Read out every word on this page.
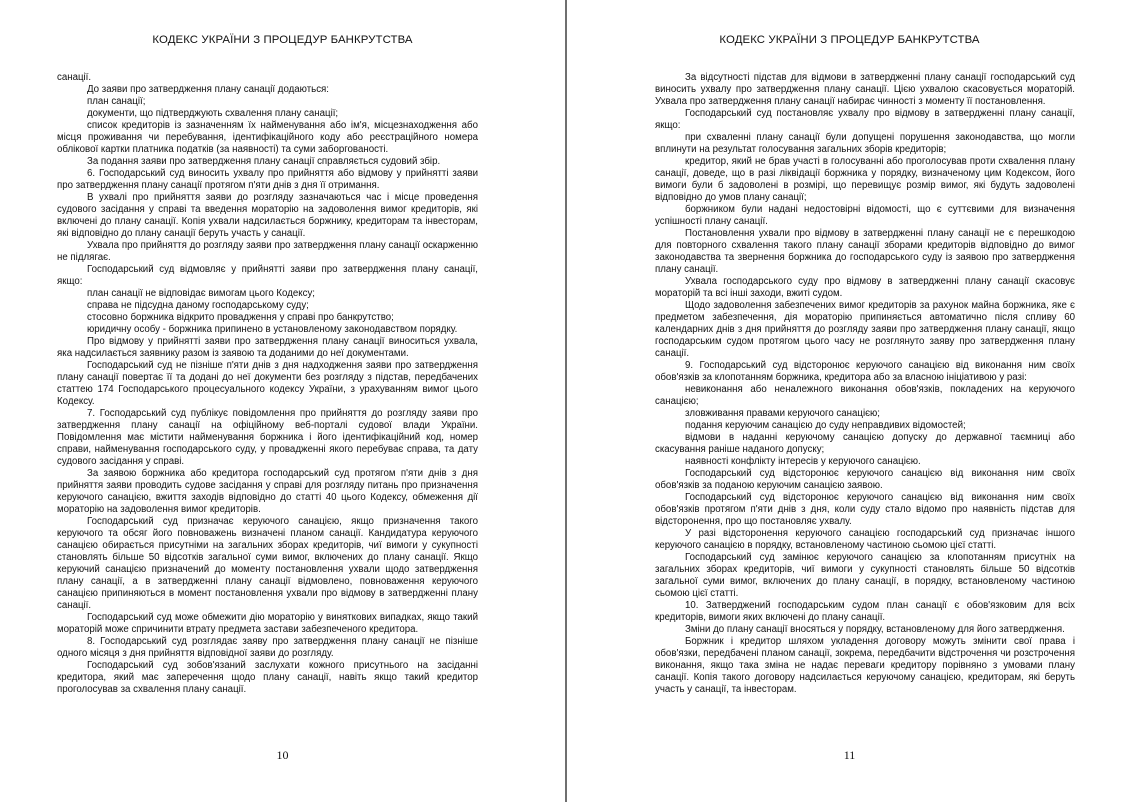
КОДЕКС УКРАЇНИ З ПРОЦЕДУР БАНКРУТСТВА

санації.

До заяви про затвердження плану санації додаються:

план санації;

документи, що підтверджують схвалення плану санації;

список кредиторів із зазначенням їх найменування або ім'я, місцезнаходження або місця проживання чи перебування, ідентифікаційного коду або реєстраційного номера облікової картки платника податків (за наявності) та суми заборгованості.

За подання заяви про затвердження плану санації справляється судовий збір.

6. Господарський суд виносить ухвалу про прийняття або відмову у прийнятті заяви про затвердження плану санації протягом п'яти днів з дня її отримання.

В ухвалі про прийняття заяви до розгляду зазначаються час і місце проведення судового засідання у справі та введення мораторію на задоволення вимог кредиторів, які включені до плану санації. Копія ухвали надсилається боржнику, кредиторам та інвесторам, які відповідно до плану санації беруть участь у санації.

Ухвала про прийняття до розгляду заяви про затвердження плану санації оскарженню не підлягає.

Господарський суд відмовляє у прийнятті заяви про затвердження плану санації, якщо:

план санації не відповідає вимогам цього Кодексу;

справа не підсудна даному господарському суду;

стосовно боржника відкрито провадження у справі про банкрутство;

юридичну особу - боржника припинено в установленому законодавством порядку.

Про відмову у прийнятті заяви про затвердження плану санації виноситься ухвала, яка надсилається заявнику разом із заявою та доданими до неї документами.

Господарський суд не пізніше п'яти днів з дня надходження заяви про затвердження плану санації повертає її та додані до неї документи без розгляду з підстав, передбачених статтею 174 Господарського процесуального кодексу України, з урахуванням вимог цього Кодексу.

7. Господарський суд публікує повідомлення про прийняття до розгляду заяви про затвердження плану санації на офіційному веб-порталі судової влади України. Повідомлення має містити найменування боржника і його ідентифікаційний код, номер справи, найменування господарського суду, у провадженні якого перебуває справа, та дату судового засідання у справі.

За заявою боржника або кредитора господарський суд протягом п'яти днів з дня прийняття заяви проводить судове засідання у справі для розгляду питань про призначення керуючого санацією, вжиття заходів відповідно до статті 40 цього Кодексу, обмеження дії мораторію на задоволення вимог кредиторів.

Господарський суд призначає керуючого санацією, якщо призначення такого керуючого та обсяг його повноважень визначені планом санації. Кандидатура керуючого санацією обирається присутніми на загальних зборах кредиторів, чиї вимоги у сукупності становлять більше 50 відсотків загальної суми вимог, включених до плану санації. Якщо керуючий санацією призначений до моменту постановлення ухвали щодо затвердження плану санації, а в затвердженні плану санації відмовлено, повноваження керуючого санацією припиняються в момент постановлення ухвали про відмову в затвердженні плану санації.

Господарський суд може обмежити дію мораторію у виняткових випадках, якщо такий мораторій може спричинити втрату предмета застави забезпеченого кредитора.

8. Господарський суд розглядає заяву про затвердження плану санації не пізніше одного місяця з дня прийняття відповідної заяви до розгляду.

Господарський суд зобов'язаний заслухати кожного присутнього на засіданні кредитора, який має заперечення щодо плану санації, навіть якщо такий кредитор проголосував за схвалення плану санації.

10
КОДЕКС УКРАЇНИ З ПРОЦЕДУР БАНКРУТСТВА

За відсутності підстав для відмови в затвердженні плану санації господарський суд виносить ухвалу про затвердження плану санації. Цією ухвалою скасовується мораторій. Ухвала про затвердження плану санації набирає чинності з моменту її постановлення.

Господарський суд постановляє ухвалу про відмову в затвердженні плану санації, якщо:

при схваленні плану санації були допущені порушення законодавства, що могли вплинути на результат голосування загальних зборів кредиторів;

кредитор, який не брав участі в голосуванні або проголосував проти схвалення плану санації, доведе, що в разі ліквідації боржника у порядку, визначеному цим Кодексом, його вимоги були б задоволені в розмірі, що перевищує розмір вимог, які будуть задоволені відповідно до умов плану санації;

боржником були надані недостовірні відомості, що є суттєвими для визначення успішності плану санації.

Постановлення ухвали про відмову в затвердженні плану санації не є перешкодою для повторного схвалення такого плану санації зборами кредиторів відповідно до вимог законодавства та звернення боржника до господарського суду із заявою про затвердження плану санації.

Ухвала господарського суду про відмову в затвердженні плану санації скасовує мораторій та всі інші заходи, вжиті судом.

Щодо задоволення забезпечених вимог кредиторів за рахунок майна боржника, яке є предметом забезпечення, дія мораторію припиняється автоматично після спливу 60 календарних днів з дня прийняття до розгляду заяви про затвердження плану санації, якщо господарським судом протягом цього часу не розглянуто заяву про затвердження плану санації.

9. Господарський суд відсторонює керуючого санацією від виконання ним своїх обов'язків за клопотанням боржника, кредитора або за власною ініціативою у разі:

невиконання або неналежного виконання обов'язків, покладених на керуючого санацією;

зловживання правами керуючого санацією;

подання керуючим санацією до суду неправдивих відомостей;

відмови в наданні керуючому санацією допуску до державної таємниці або скасування раніше наданого допуску;

наявності конфлікту інтересів у керуючого санацією.

Господарський суд відсторонює керуючого санацією від виконання ним своїх обов'язків за поданою керуючим санацією заявою.

Господарський суд відсторонює керуючого санацією від виконання ним своїх обов'язків протягом п'яти днів з дня, коли суду стало відомо про наявність підстав для відсторонення, про що постановляє ухвалу.

У разі відсторонення керуючого санацією господарський суд призначає іншого керуючого санацією в порядку, встановленому частиною сьомою цієї статті.

Господарський суд замінює керуючого санацією за клопотанням присутніх на загальних зборах кредиторів, чиї вимоги у сукупності становлять більше 50 відсотків загальної суми вимог, включених до плану санації, в порядку, встановленому частиною сьомою цієї статті.

10. Затверджений господарським судом план санації є обов'язковим для всіх кредиторів, вимоги яких включені до плану санації.

Зміни до плану санації вносяться у порядку, встановленому для його затвердження.

Боржник і кредитор шляхом укладення договору можуть змінити свої права і обов'язки, передбачені планом санації, зокрема, передбачити відстрочення чи розстрочення виконання, якщо така зміна не надає переваги кредитору порівняно з умовами плану санації. Копія такого договору надсилається керуючому санацією, кредиторам, які беруть участь у санації, та інвесторам.

11
